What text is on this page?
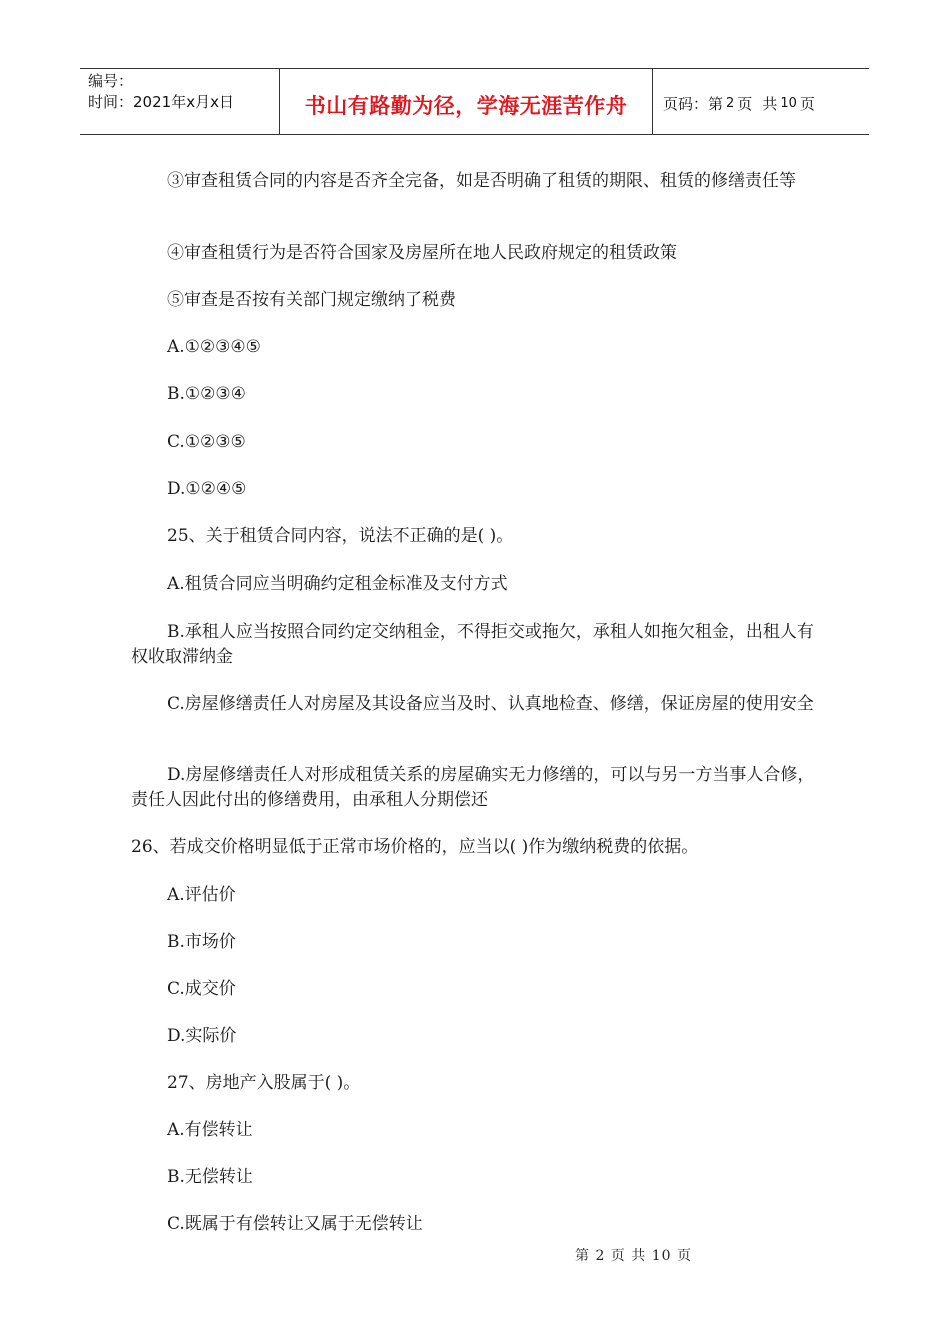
编号：
时间：2021年x月x日	书山有路勤为径，学海无涯苦作舟	页码：第 2 页 共 10 页
③审查租赁合同的内容是否齐全完备，如是否明确了租赁的期限、租赁的修缮责任等
④审查租赁行为是否符合国家及房屋所在地人民政府规定的租赁政策
⑤审查是否按有关部门规定缴纳了税费
A.①②③④⑤
B.①②③④
C.①②③⑤
D.①②④⑤
25、关于租赁合同内容，说法不正确的是( )。
A.租赁合同应当明确约定租金标准及支付方式
B.承租人应当按照合同约定交纳租金，不得拒交或拖欠，承租人如拖欠租金，出租人有权收取滞纳金
C.房屋修缮责任人对房屋及其设备应当及时、认真地检查、修缮，保证房屋的使用安全
D.房屋修缮责任人对形成租赁关系的房屋确实无力修缮的，可以与另一方当事人合修，责任人因此付出的修缮费用，由承租人分期偿还
26、若成交价格明显低于正常市场价格的，应当以( )作为缴纳税费的依据。
A.评估价
B.市场价
C.成交价
D.实际价
27、房地产入股属于( )。
A.有偿转让
B.无偿转让
C.既属于有偿转让又属于无偿转让
第 2 页 共 10 页
